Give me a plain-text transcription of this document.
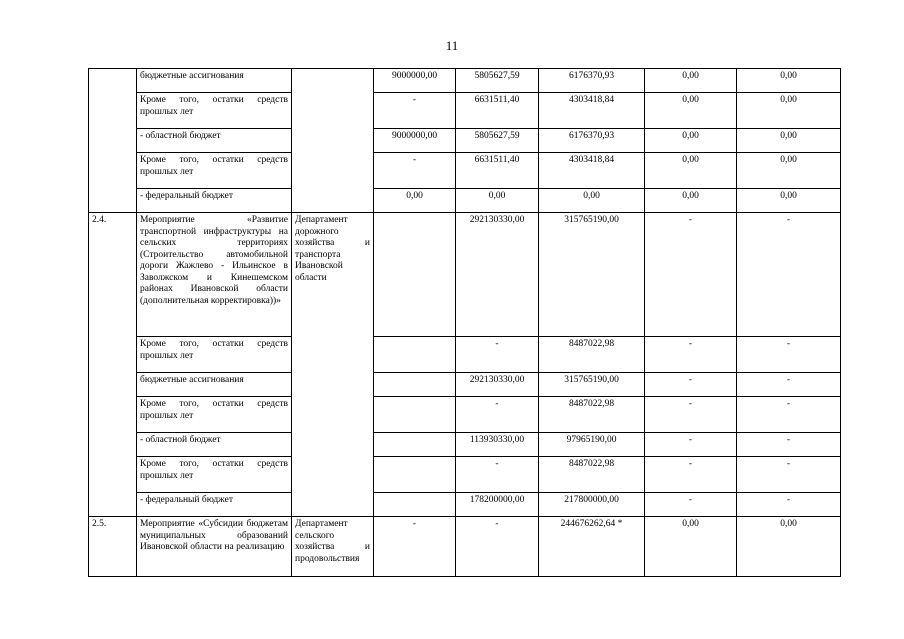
11
	бюджетные ассигнования		9000000,00	5805627,59	6176370,93	0,00	0,00
	Кроме того, остатки средств прошлых лет		-	6631511,40	4303418,84	0,00	0,00
	- областной бюджет		9000000,00	5805627,59	6176370,93	0,00	0,00
	Кроме того, остатки средств прошлых лет		-	6631511,40	4303418,84	0,00	0,00
	- федеральный бюджет		0,00	0,00	0,00	0,00	0,00
2.4.	Мероприятие «Развитие транспортной инфраструктуры на сельских территориях (Строительство автомобильной дороги Жажлево - Ильинское в Заволжском и Кинешемском районах Ивановской области (дополнительная корректировка))»	Департамент дорожного хозяйства и транспорта Ивановской области		292130330,00	315765190,00	-	-
	Кроме того, остатки средств прошлых лет			-	8487022,98	-	-
	бюджетные ассигнования			292130330,00	315765190,00	-	-
	Кроме того, остатки средств прошлых лет			-	8487022,98	-	-
	- областной бюджет			113930330,00	97965190,00	-	-
	Кроме того, остатки средств прошлых лет			-	8487022,98	-	-
	- федеральный бюджет			178200000,00	217800000,00	-	-
2.5.	Мероприятие «Субсидии бюджетам муниципальных образований Ивановской области на реализацию	Департамент сельского хозяйства и продовольствия	-	-	244676262,64 *	0,00	0,00
